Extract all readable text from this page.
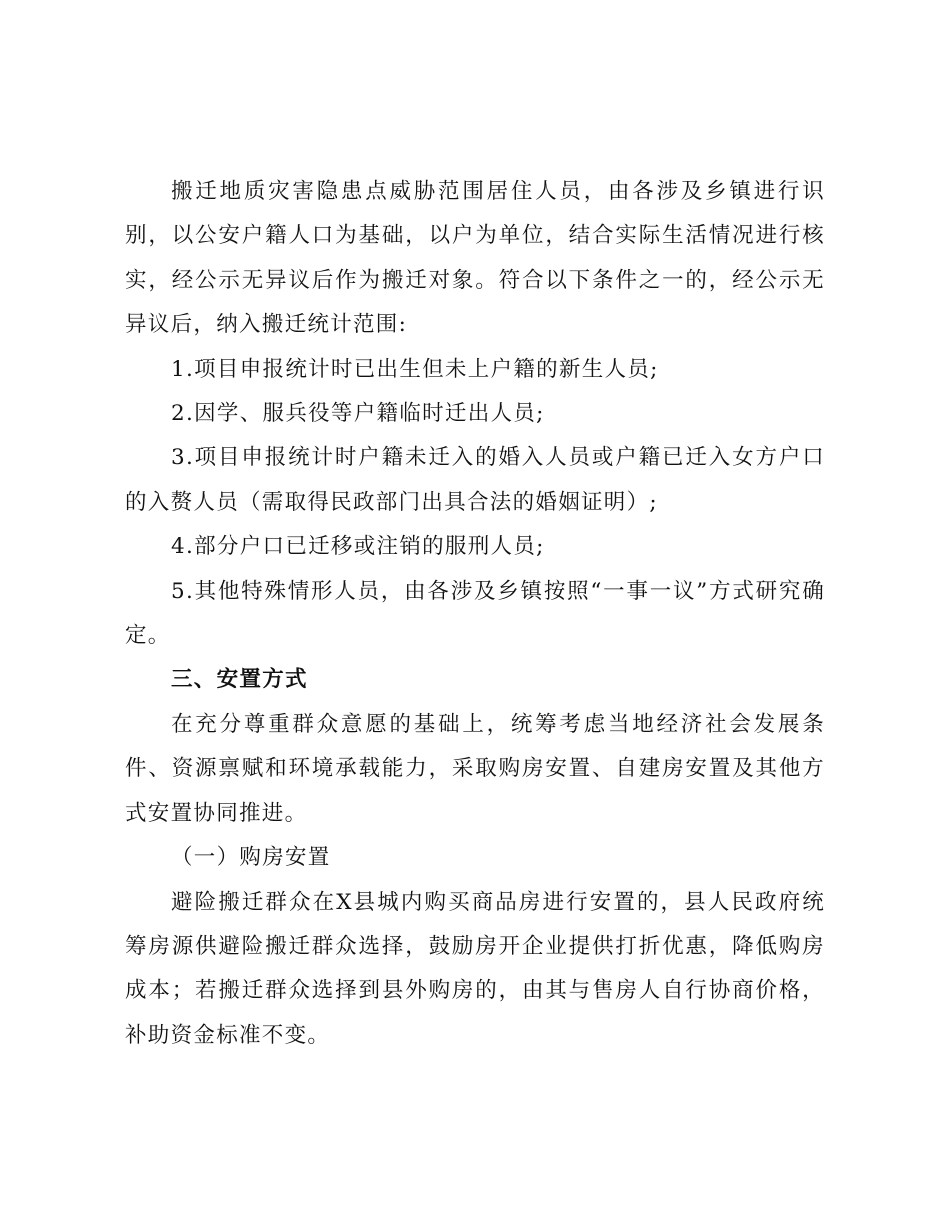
搬迁地质灾害隐患点威胁范围居住人员，由各涉及乡镇进行识别，以公安户籍人口为基础，以户为单位，结合实际生活情况进行核实，经公示无异议后作为搬迁对象。符合以下条件之一的，经公示无异议后，纳入搬迁统计范围:

1.项目申报统计时已出生但未上户籍的新生人员;

2.因学、服兵役等户籍临时迁出人员;

3.项目申报统计时户籍未迁入的婚入人员或户籍已迁入女方户口的入赘人员（需取得民政部门出具合法的婚姻证明）;

4.部分户口已迁移或注销的服刑人员;

5.其他特殊情形人员，由各涉及乡镇按照“一事一议”方式研究确定。

三、安置方式

在充分尊重群众意愿的基础上，统筹考虑当地经济社会发展条件、资源禀赋和环境承载能力，采取购房安置、自建房安置及其他方式安置协同推进。

（一）购房安置

避险搬迁群众在X县城内购买商品房进行安置的，县人民政府统筹房源供避险搬迁群众选择，鼓励房开企业提供打折优惠，降低购房成本；若搬迁群众选择到县外购房的，由其与售房人自行协商价格，补助资金标准不变。
